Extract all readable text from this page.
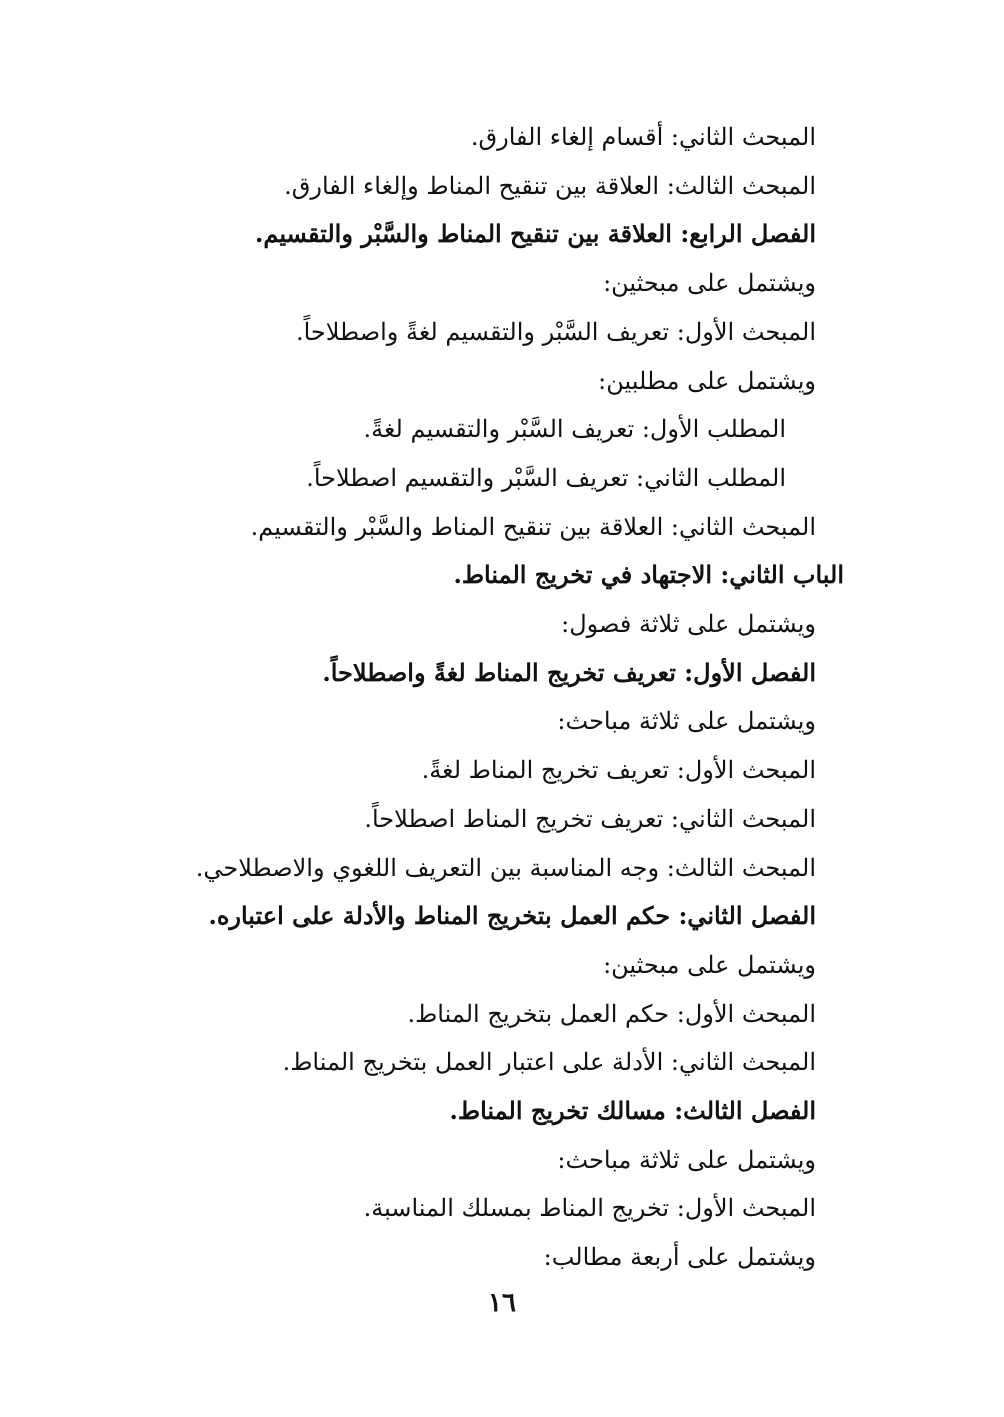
المبحث الثاني: أقسام إلغاء الفارق.
المبحث الثالث: العلاقة بين تنقيح المناط وإلغاء الفارق.
الفصل الرابع: العلاقة بين تنقيح المناط والسَّبْر والتقسيم.
ويشتمل على مبحثين:
المبحث الأول: تعريف السَّبْر والتقسيم لغةً واصطلاحاً.
ويشتمل على مطلبين:
المطلب الأول: تعريف السَّبْر والتقسيم لغةً.
المطلب الثاني: تعريف السَّبْر والتقسيم اصطلاحاً.
المبحث الثاني: العلاقة بين تنقيح المناط والسَّبْر والتقسيم.
الباب الثاني: الاجتهاد في تخريج المناط.
ويشتمل على ثلاثة فصول:
الفصل الأول: تعريف تخريج المناط لغةً واصطلاحاً.
ويشتمل على ثلاثة مباحث:
المبحث الأول: تعريف تخريج المناط لغةً.
المبحث الثاني: تعريف تخريج المناط اصطلاحاً.
المبحث الثالث: وجه المناسبة بين التعريف اللغوي والاصطلاحي.
الفصل الثاني: حكم العمل بتخريج المناط والأدلة على اعتباره.
ويشتمل على مبحثين:
المبحث الأول: حكم العمل بتخريج المناط.
المبحث الثاني: الأدلة على اعتبار العمل بتخريج المناط.
الفصل الثالث: مسالك تخريج المناط.
ويشتمل على ثلاثة مباحث:
المبحث الأول: تخريج المناط بمسلك المناسبة.
ويشتمل على أربعة مطالب:
١٦
